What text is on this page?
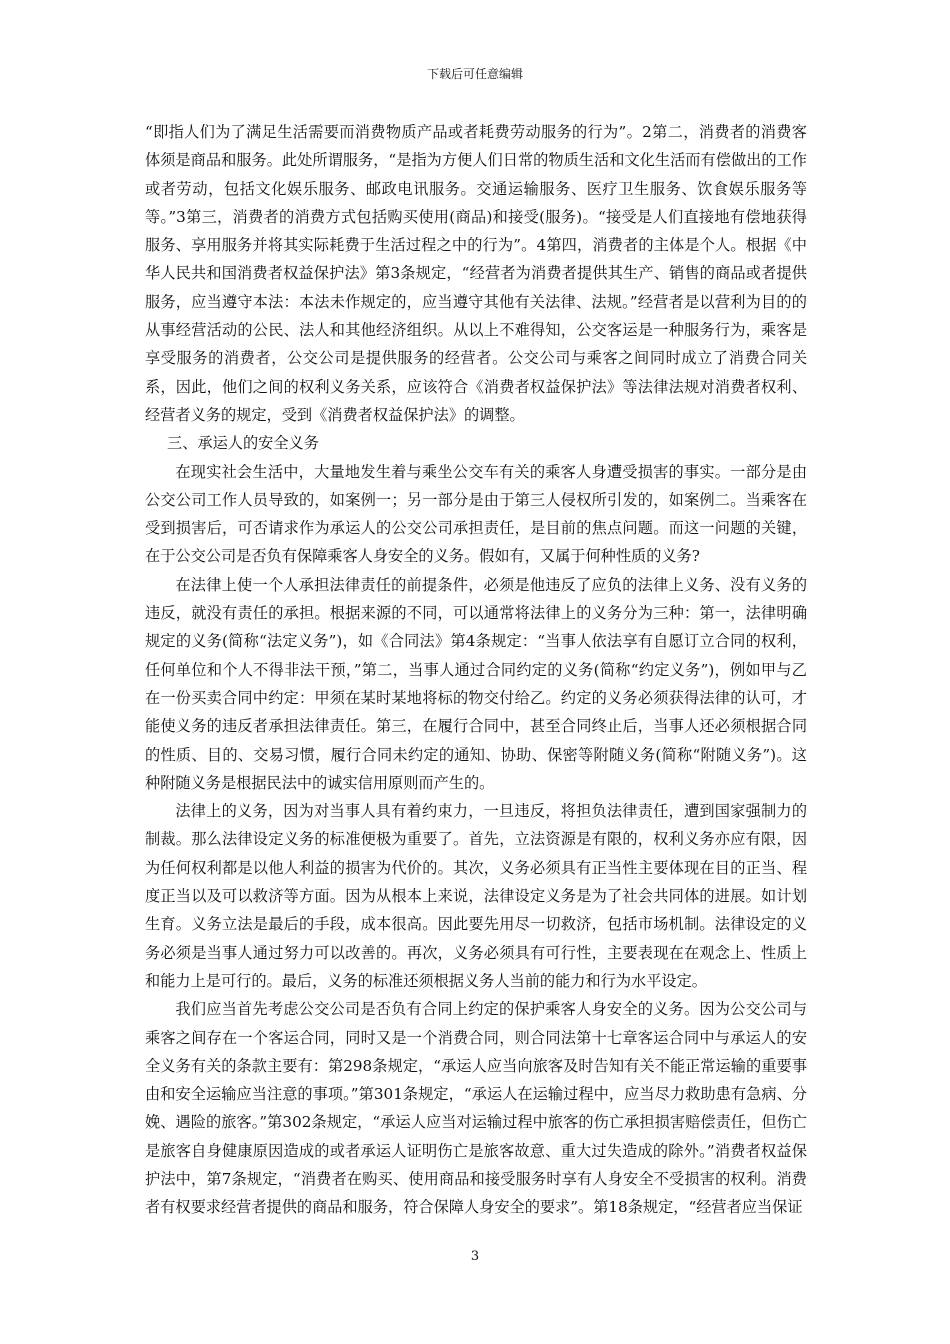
下载后可任意编辑

“即指人们为了满足生活需要而消费物质产品或者耗费劳动服务的行为”。2第二，消费者的消费客体须是商品和服务。此处所谓服务，“是指为方便人们日常的物质生活和文化生活而有偿做出的工作或者劳动，包括文化娱乐服务、邮政电讯服务。交通运输服务、医疗卫生服务、饮食娱乐服务等等。”3第三，消费者的消费方式包括购买使用(商品)和接受(服务)。“接受是人们直接地有偿地获得服务、享用服务并将其实际耗费于生活过程之中的行为”。4第四，消费者的主体是个人。根据《中华人民共和国消费者权益保护法》第3条规定，“经营者为消费者提供其生产、销售的商品或者提供服务，应当遵守本法：本法未作规定的，应当遵守其他有关法律、法规。”经营者是以营利为目的的从事经营活动的公民、法人和其他经济组织。从以上不难得知，公交客运是一种服务行为，乘客是享受服务的消费者，公交公司是提供服务的经营者。公交公司与乘客之间同时成立了消费合同关系，因此，他们之间的权利义务关系，应该符合《消费者权益保护法》等法律法规对消费者权利、经营者义务的规定，受到《消费者权益保护法》的调整。

三、承运人的安全义务

在现实社会生活中，大量地发生着与乘坐公交车有关的乘客人身遭受损害的事实。一部分是由公交公司工作人员导致的，如案例一；另一部分是由于第三人侵权所引发的，如案例二。当乘客在受到损害后，可否请求作为承运人的公交公司承担责任，是目前的焦点问题。而这一问题的关键，在于公交公司是否负有保障乘客人身安全的义务。假如有，又属于何种性质的义务?

在法律上使一个人承担法律责任的前提条件，必须是他违反了应负的法律上义务、没有义务的违反，就没有责任的承担。根据来源的不同，可以通常将法律上的义务分为三种：第一，法律明确规定的义务(简称“法定义务”)，如《合同法》第4条规定：“当事人依法享有自愿订立合同的权利，任何单位和个人不得非法干预，”第二，当事人通过合同约定的义务(简称“约定义务”)，例如甲与乙在一份买卖合同中约定：甲须在某时某地将标的物交付给乙。约定的义务必须获得法律的认可，才能使义务的违反者承担法律责任。第三，在履行合同中，甚至合同终止后，当事人还必须根据合同的性质、目的、交易习惯，履行合同未约定的通知、协助、保密等附随义务(简称“附随义务”)。这种附随义务是根据民法中的诚实信用原则而产生的。

法律上的义务，因为对当事人具有着约束力，一旦违反，将担负法律责任，遭到国家强制力的制裁。那么法律设定义务的标准便极为重要了。首先，立法资源是有限的，权利义务亦应有限，因为任何权利都是以他人利益的损害为代价的。其次，义务必须具有正当性主要体现在目的正当、程度正当以及可以救济等方面。因为从根本上来说，法律设定义务是为了社会共同体的进展。如计划生育。义务立法是最后的手段，成本很高。因此要先用尽一切救济，包括市场机制。法律设定的义务必须是当事人通过努力可以改善的。再次，义务必须具有可行性，主要表现在在观念上、性质上和能力上是可行的。最后，义务的标准还须根据义务人当前的能力和行为水平设定。

我们应当首先考虑公交公司是否负有合同上约定的保护乘客人身安全的义务。因为公交公司与乘客之间存在一个客运合同，同时又是一个消费合同，则合同法第十七章客运合同中与承运人的安全义务有关的条款主要有：第298条规定，“承运人应当向旅客及时告知有关不能正常运输的重要事由和安全运输应当注意的事项。”第301条规定，“承运人在运输过程中，应当尽力救助患有急病、分娩、遇险的旅客。”第302条规定，“承运人应当对运输过程中旅客的伤亡承担损害赔偿责任，但伤亡是旅客自身健康原因造成的或者承运人证明伤亡是旅客故意、重大过失造成的除外。”消费者权益保护法中，第7条规定，“消费者在购买、使用商品和接受服务时享有人身安全不受损害的权利。消费者有权要求经营者提供的商品和服务，符合保障人身安全的要求”。第18条规定，“经营者应当保证

3
